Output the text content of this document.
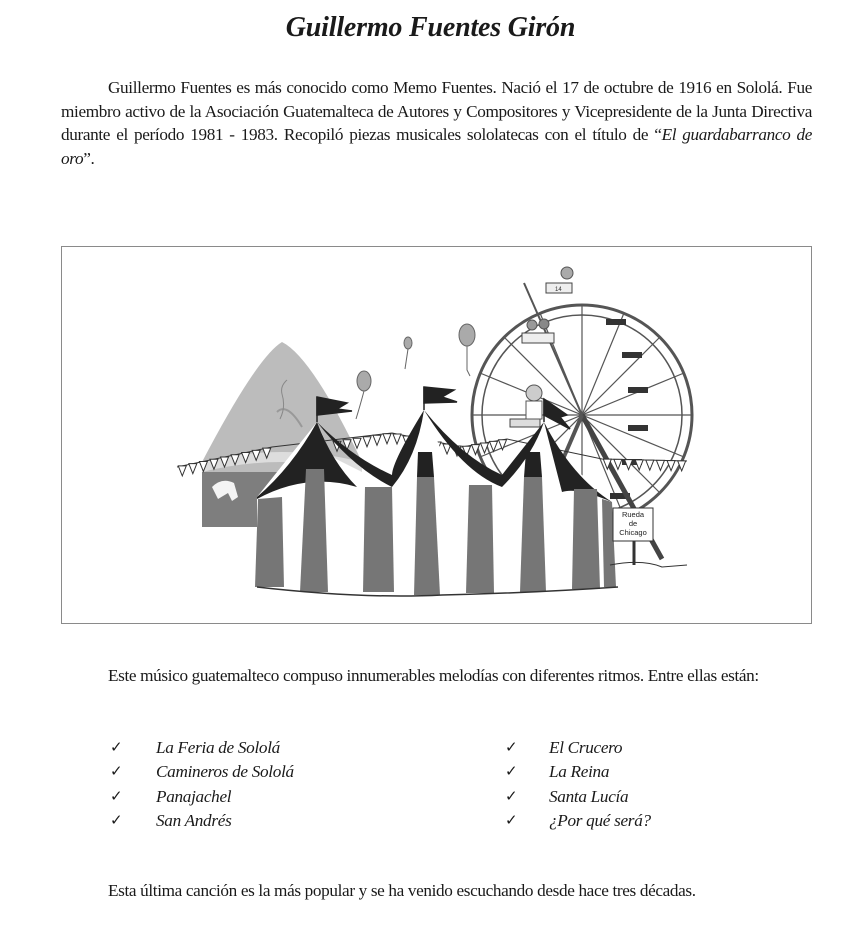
Guillermo Fuentes Girón

Guillermo Fuentes es más conocido como Memo Fuentes. Nació el 17 de octubre de 1916 en Sololá. Fue miembro activo de la Asociación Guatemalteca de Autores y Compositores y Vicepresidente de la Junta Directiva durante el período 1981 - 1983. Recopiló piezas musicales sololatecas con el título de “El guardabarranco de oro”.

14
Rueda
de
Chicago

Este músico guatemalteco compuso innumerables melodías con diferentes ritmos. Entre ellas están:

✓ La Feria de Sololá
✓ Camineros de Sololá
✓ Panajachel
✓ San Andrés
✓ El Crucero
✓ La Reina
✓ Santa Lucía
✓ ¿Por qué será?

Esta última canción es la más popular y se ha venido escuchando desde hace tres décadas.
